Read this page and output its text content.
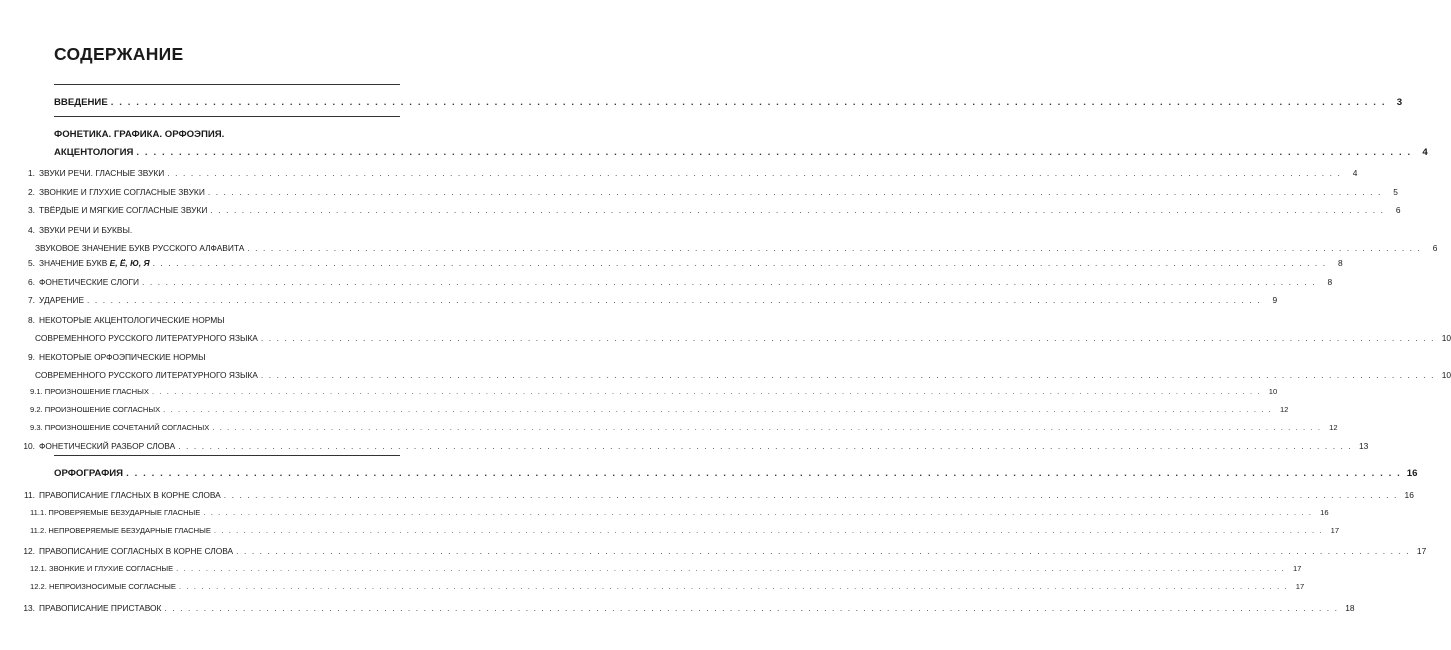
СОДЕРЖАНИЕ
ВВЕДЕНИЕ . . . . . . . . . . . . . . . . . . . . . . . . . . . . . . . . . . . . . . . . . . . . . . . . . . . . . . . . . . . . . . . . . . . . . . . . . . . . . . . . . . . . . . . . . . . . . . . . . . . . . . . . . . . . . . . . . . . . . . . . . . . . . . . . . . . . . . . . . . . . . . . . . . . . . .	3
ФОНЕТИКА. ГРАФИКА. ОРФОЭПИЯ.
АКЦЕНТОЛОГИЯ . . . . . . . . . . . . . . . . . . . . . . . . . . . . . . . . . . . . . . . . . . . . . . . . . . . . . . . . . . . . . . . . . . . . . . . . . . . . . . . . . . . . . . . . . . . . . . . . . . . . . . . . . . . . . . . . . . . . . . . . . . . . . . . . . . . . . . . . . . . . . . . . . . . . . .	4
1. ЗВУКИ РЕЧИ. ГЛАСНЫЕ ЗВУКИ . . . . . . . . . . . . . . . . . . . . . . . . . . . . . . . . . . . . . . . . . . . . . . . . . . . . . . . . . . . . . . . . . . . . . . . . . . . . . . . . . . . . . . . . . . . . . . . . . . . . . . . . . . . . . . . . . . . . . . . . . . . . . . . . . . . . . . . . . . . . . . . . . . . . . .	4
2. ЗВОНКИЕ И ГЛУХИЕ СОГЛАСНЫЕ ЗВУКИ . . . . . . . . . . . . . . . . . . . . . . . . . . . . . . . . . . . . . . . . . . . . . . . . . . . . . . . . . . . . . . . . . . . . . . . . . . . . . . . . . . . . . . . . . . . . . . . . . . . . . . . . . . . . . . . . . . . . . . . . . . . . . . . . . . . . . . . . . . . . . . . . . . . . . .	5
3. ТВЁРДЫЕ И МЯГКИЕ СОГЛАСНЫЕ ЗВУКИ . . . . . . . . . . . . . . . . . . . . . . . . . . . . . . . . . . . . . . . . . . . . . . . . . . . . . . . . . . . . . . . . . . . . . . . . . . . . . . . . . . . . . . . . . . . . . . . . . . . . . . . . . . . . . . . . . . . . . . . . . . . . . . . . . . . . . . . . . . . . . . . . . . . . . .	6
4. ЗВУКИ РЕЧИ И БУКВЫ.
ЗВУКОВОЕ ЗНАЧЕНИЕ БУКВ РУССКОГО АЛФАВИТА . . . . . . . . . . . . . . . . . . . . . . . . . . . . . . . . . . . . . . . . . . . . . . . . . . . . . . . . . . . . . . . . . . . . . . . . . . . . . . . . . . . . . . . . . . . . . . . . . . . . . . . . . . . . . . . . . . . . . . . . . . . . . . . . . . . . . . . . . . . . . . . . . . . . . .	6
5. ЗНАЧЕНИЕ БУКВ Е, Ё, Ю, Я . . . . . . . . . . . . . . . . . . . . . . . . . . . . . . . . . . . . . . . . . . . . . . . . . . . . . . . . . . . . . . . . . . . . . . . . . . . . . . . . . . . . . . . . . . . . . . . . . . . . . . . . . . . . . . . . . . . . . . . . . . . . . . . . . . . . . . . . . . . . . . . . . . . . . .	8
6. ФОНЕТИЧЕСКИЕ СЛОГИ . . . . . . . . . . . . . . . . . . . . . . . . . . . . . . . . . . . . . . . . . . . . . . . . . . . . . . . . . . . . . . . . . . . . . . . . . . . . . . . . . . . . . . . . . . . . . . . . . . . . . . . . . . . . . . . . . . . . . . . . . . . . . . . . . . . . . . . . . . . . . . . . . . . . . .	8
7. УДАРЕНИЕ . . . . . . . . . . . . . . . . . . . . . . . . . . . . . . . . . . . . . . . . . . . . . . . . . . . . . . . . . . . . . . . . . . . . . . . . . . . . . . . . . . . . . . . . . . . . . . . . . . . . . . . . . . . . . . . . . . . . . . . . . . . . . . . . . . . . . . . . . . . . . . . . . . . . . .	9
8. НЕКОТОРЫЕ АКЦЕНТОЛОГИЧЕСКИЕ НОРМЫ
СОВРЕМЕННОГО РУССКОГО ЛИТЕРАТУРНОГО ЯЗЫКА . . . . . . . . . . . . . . . . . . . . . . . . . . . . . . . . . . . . . . . . . . . . . . . . . . . . . . . . . . . . . . . . . . . . . . . . . . . . . . . . . . . . . . . . . . . . . . . . . . . . . . . . . . . . . . . . . . . . . . . . . . . . . . . . . . . . . . . . . . . . . . . . . . . . . . 10
9. НЕКОТОРЫЕ ОРФОЭПИЧЕСКИЕ НОРМЫ
СОВРЕМЕННОГО РУССКОГО ЛИТЕРАТУРНОГО ЯЗЫКА . . . . . . . . . . . . . . . . . . . . . . . . . . . . . . . . . . . . . . . . . . . . . . . . . . . . . . . . . . . . . . . . . . . . . . . . . . . . . . . . . . . . . . . . . . . . . . . . . . . . . . . . . . . . . . . . . . . . . . . . . . . . . . . . . . . . . . . . . . . . . . . . . . . . . . 10
9.1. ПРОИЗНОШЕНИЕ ГЛАСНЫХ . . . . . . . . . . . . . . . . . . . . . . . . . . . . . . . . . . . . . . . . . . . . . . . . . . . . . . . . . . . . . . . . . . . . . . . . . . . . . . . . . . . . . . . . . . . . . . . . . . . . . . . . . . . . . . . . . . . . . . . . . . . . . . . . . . . . . . . . . . . . . . . . . . . . . . 10
9.2. ПРОИЗНОШЕНИЕ СОГЛАСНЫХ . . . . . . . . . . . . . . . . . . . . . . . . . . . . . . . . . . . . . . . . . . . . . . . . . . . . . . . . . . . . . . . . . . . . . . . . . . . . . . . . . . . . . . . . . . . . . . . . . . . . . . . . . . . . . . . . . . . . . . . . . . . . . . . . . . . . . . . . . . . . . . . . . . . . . . 12
9.3. ПРОИЗНОШЕНИЕ СОЧЕТАНИЙ СОГЛАСНЫХ . . . . . . . . . . . . . . . . . . . . . . . . . . . . . . . . . . . . . . . . . . . . . . . . . . . . . . . . . . . . . . . . . . . . . . . . . . . . . . . . . . . . . . . . . . . . . . . . . . . . . . . . . . . . . . . . . . . . . . . . . . . . . . . . . . . . . . . . . . . . . . . . . . . . . . 12
10. ФОНЕТИЧЕСКИЙ РАЗБОР СЛОВА . . . . . . . . . . . . . . . . . . . . . . . . . . . . . . . . . . . . . . . . . . . . . . . . . . . . . . . . . . . . . . . . . . . . . . . . . . . . . . . . . . . . . . . . . . . . . . . . . . . . . . . . . . . . . . . . . . . . . . . . . . . . . . . . . . . . . . . . . . . . . . . . . . . . . . 13
ОРФОГРАФИЯ . . . . . . . . . . . . . . . . . . . . . . . . . . . . . . . . . . . . . . . . . . . . . . . . . . . . . . . . . . . . . . . . . . . . . . . . . . . . . . . . . . . . . . . . . . . . . . . . . . . . . . . . . . . . . . . . . . . . . . . . . . . . . . . . . . . . . . . . . . . . . . . . . . . . . . 16
11. ПРАВОПИСАНИЕ ГЛАСНЫХ В КОРНЕ СЛОВА . . . . . . . . . . . . . . . . . . . . . . . . . . . . . . . . . . . . . . . . . . . . . . . . . . . . . . . . . . . . . . . . . . . . . . . . . . . . . . . . . . . . . . . . . . . . . . . . . . . . . . . . . . . . . . . . . . . . . . . . . . . . . . . . . . . . . . . . . . . . . . . . . . . . . . 16
11.1. ПРОВЕРЯЕМЫЕ БЕЗУДАРНЫЕ ГЛАСНЫЕ . . . . . . . . . . . . . . . . . . . . . . . . . . . . . . . . . . . . . . . . . . . . . . . . . . . . . . . . . . . . . . . . . . . . . . . . . . . . . . . . . . . . . . . . . . . . . . . . . . . . . . . . . . . . . . . . . . . . . . . . . . . . . . . . . . . . . . . . . . . . . . . . . . . . . . 16
11.2. НЕПРОВЕРЯЕМЫЕ БЕЗУДАРНЫЕ ГЛАСНЫЕ . . . . . . . . . . . . . . . . . . . . . . . . . . . . . . . . . . . . . . . . . . . . . . . . . . . . . . . . . . . . . . . . . . . . . . . . . . . . . . . . . . . . . . . . . . . . . . . . . . . . . . . . . . . . . . . . . . . . . . . . . . . . . . . . . . . . . . . . . . . . . . . . . . . . . . 17
12. ПРАВОПИСАНИЕ СОГЛАСНЫХ В КОРНЕ СЛОВА . . . . . . . . . . . . . . . . . . . . . . . . . . . . . . . . . . . . . . . . . . . . . . . . . . . . . . . . . . . . . . . . . . . . . . . . . . . . . . . . . . . . . . . . . . . . . . . . . . . . . . . . . . . . . . . . . . . . . . . . . . . . . . . . . . . . . . . . . . . . . . . . . . . . . . 17
12.1. ЗВОНКИЕ И ГЛУХИЕ СОГЛАСНЫЕ . . . . . . . . . . . . . . . . . . . . . . . . . . . . . . . . . . . . . . . . . . . . . . . . . . . . . . . . . . . . . . . . . . . . . . . . . . . . . . . . . . . . . . . . . . . . . . . . . . . . . . . . . . . . . . . . . . . . . . . . . . . . . . . . . . . . . . . . . . . . . . . . . . . . . . 17
12.2. НЕПРОИЗНОСИМЫЕ СОГЛАСНЫЕ . . . . . . . . . . . . . . . . . . . . . . . . . . . . . . . . . . . . . . . . . . . . . . . . . . . . . . . . . . . . . . . . . . . . . . . . . . . . . . . . . . . . . . . . . . . . . . . . . . . . . . . . . . . . . . . . . . . . . . . . . . . . . . . . . . . . . . . . . . . . . . . . . . . . . . 17
13. ПРАВОПИСАНИЕ ПРИСТАВОК . . . . . . . . . . . . . . . . . . . . . . . . . . . . . . . . . . . . . . . . . . . . . . . . . . . . . . . . . . . . . . . . . . . . . . . . . . . . . . . . . . . . . . . . . . . . . . . . . . . . . . . . . . . . . . . . . . . . . . . . . . . . . . . . . . . . . . . . . . . . . . . . . . . . . . 18
